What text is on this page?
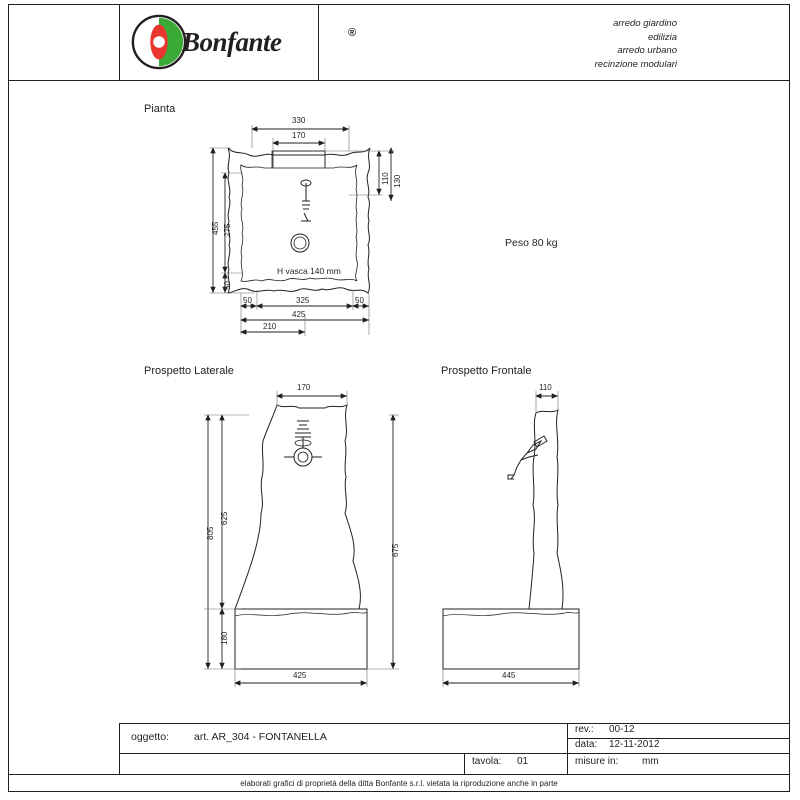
Bonfante	®
arredo giardino
edilizia
arredo urbano
recinzione modulari
Pianta
Prospetto Laterale	Prospetto Frontale
Peso 80 kg
H vasca 140 mm
330
170
110 130
455 275
50
50	325	50
425
210
170
805
625
180
425
675
110
445
elaborati grafici di proprietà della ditta Bonfante s.r.l. vietata la riproduzione anche in parte
oggetto: art. AR_304 - FONTANELLA
rev.: 00-12
data: 12-11-2012
tavola: 01	misure in: mm
